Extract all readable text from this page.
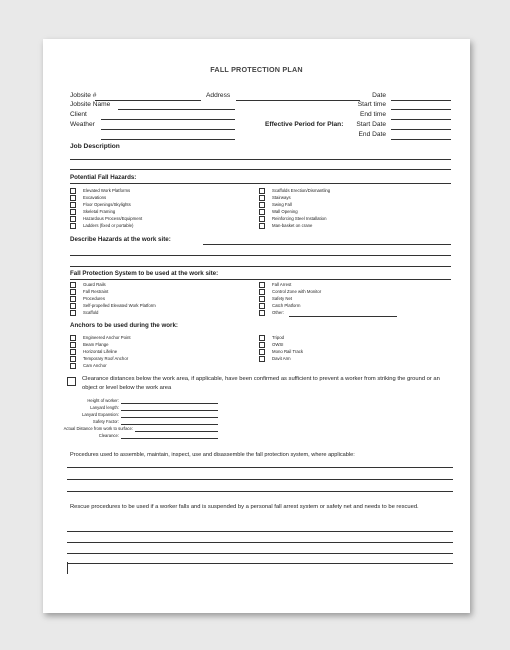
FALL PROTECTION PLAN
Jobsite #	Address	Date
Jobsite Name	Start time
Client	End time
Weather	Effective Period for Plan:	Start Date
End Date
Job Description
Potential Fall Hazards:
Elevated Work Platforms
Excavations
Floor Openings/Skylights
Skeletal Framing
Hazardous Process/Equipment
Ladders (fixed or portable)
Scaffolds Erection/Dismantling
Stairways
Swing Fall
Wall Opening
Reinforcing Steel Installation
Man-basket on crane
Describe Hazards at the work site:
Fall Protection System to be used at the work site:
Guard Rails
Fall Restraint
Procedures
Self-propelled Elevated Work Platform
Scaffold
Fall Arrest
Control Zone with Monitor
Safety Net
Catch Platform
Other:
Anchors to be used during the work:
Engineered Anchor Point
Beam Flange
Horizontal Lifeline
Temporary Roof Anchor
Cam Anchor
Tripod
OWSI
Mono Rail Track
Davit Arm
Clearance distances below the work area, if applicable, have been confirmed as sufficient to prevent a worker from striking the ground or an object or level below the work area
Height of worker:
Lanyard length:
Lanyard Expansion:
Safety Factor:
Actual Distance from work to surface:
Clearance:
Procedures used to assemble, maintain, inspect, use and disassemble the fall protection system, where applicable:
Rescue procedures to be used if a worker falls and is suspended by a personal fall arrest system or safety net and needs to be rescued.
